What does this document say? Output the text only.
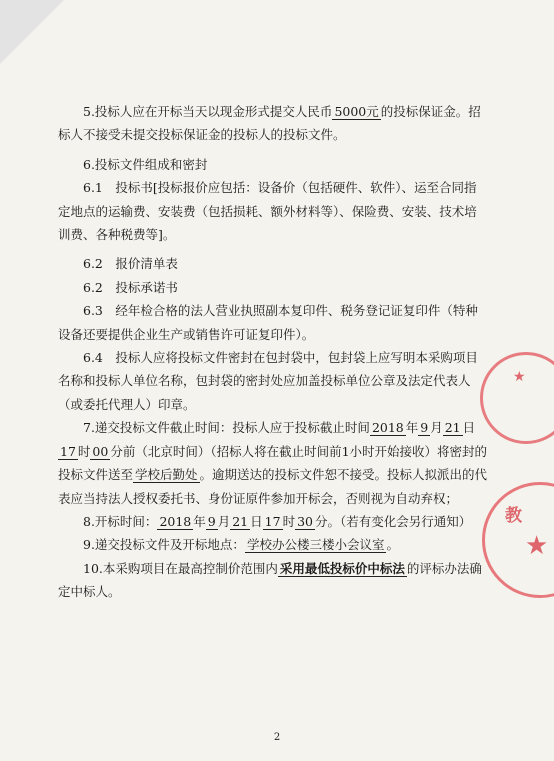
5.投标人应在开标当天以现金形式提交人民币 5000元 的投标保证金。招标人不接受未提交投标保证金的投标人的投标文件。

6.投标文件组成和密封

6.1　投标书[投标报价应包括：设备价（包括硬件、软件）、运至合同指定地点的运输费、安装费（包括损耗、额外材料等）、保险费、安装、技术培训费、各种税费等]。

6.2　报价清单表

6.2　投标承诺书

6.3　经年检合格的法人营业执照副本复印件、税务登记证复印件（特种设备还要提供企业生产或销售许可证复印件）。

6.4　投标人应将投标文件密封在包封袋中，包封袋上应写明本采购项目名称和投标人单位名称，包封袋的密封处应加盖投标单位公章及法定代表人（或委托代理人）印章。

7.递交投标文件截止时间：投标人应于投标截止时间 2018 年 9 月 21 日17 时 00 分前（北京时间）（招标人将在截止时间前1小时开始接收）将密封的投标文件送至 学校后勤处 。逾期送达的投标文件恕不接受。投标人拟派出的代表应当持法人授权委托书、身份证原件参加开标会，否则视为自动弃权；

8.开标时间： 2018 年 9 月 21 日 17 时 30 分。（若有变化会另行通知）

9.递交投标文件及开标地点： 学校办公楼三楼小会议室 。

10.本采购项目在最高控制价范围内 采用最低投标价中标法 的评标办法确定中标人。

★
教
★
2
